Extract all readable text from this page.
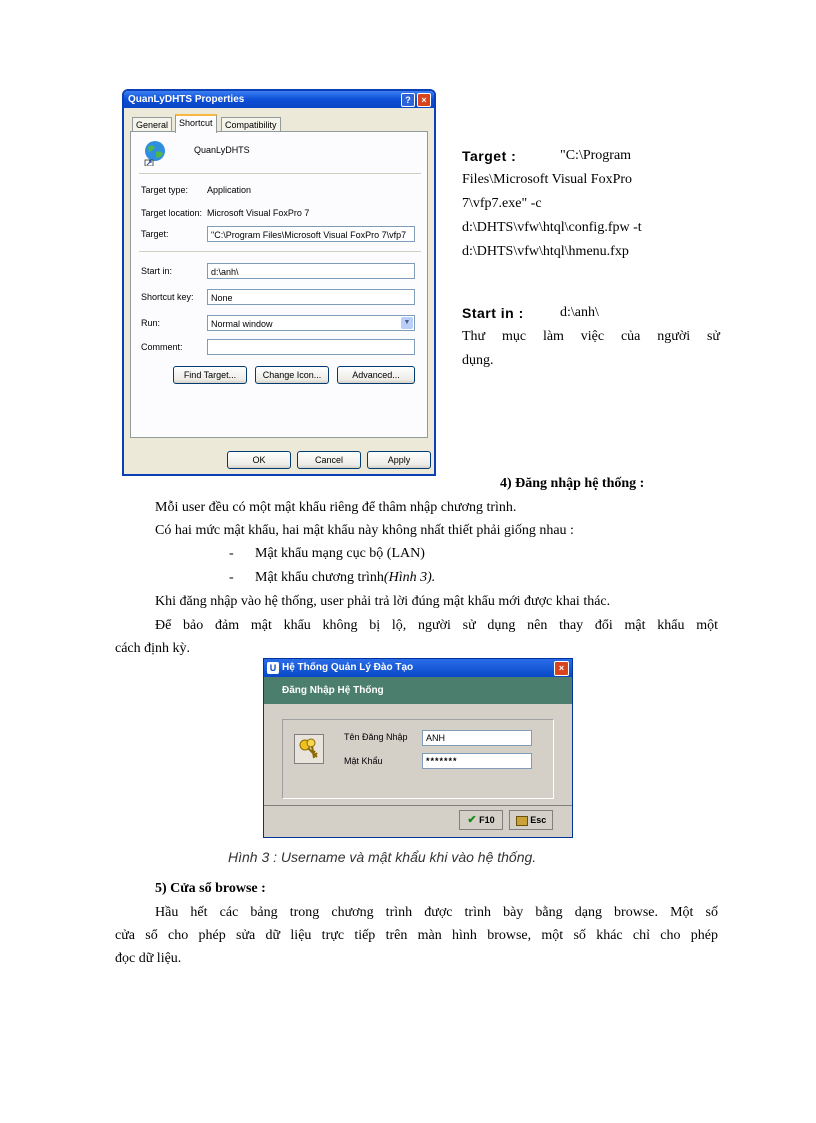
QuanLyDHTS Properties	?	×
General	Shortcut	Compatibility
QuanLyDHTS
Target type: Application
Target location: Microsoft Visual FoxPro 7
Target:	"C:\Program Files\Microsoft Visual FoxPro 7\vfp7
Start in:	d:\anh\
Shortcut key:	None
Run:	Normal window	▼
Comment:
Find Target...	Change Icon...	Advanced...
OK	Cancel	Apply
Target :	"C:\Program
Files\Microsoft Visual FoxPro
7\vfp7.exe" -c
d:\DHTS\vfw\htql\config.fpw -t
d:\DHTS\vfw\htql\hmenu.fxp
Start in :	d:\anh\
Thư mục làm việc của người sử
dụng.
4) Đăng nhập hệ thống :
Mỗi user đều có một mật khẩu riêng để thâm nhập chương trình.
Có hai mức mật khẩu, hai mật khẩu này không nhất thiết phải giống nhau :
- Mật khẩu mạng cục bộ (LAN)
- Mật khẩu chương trình(Hình 3).
Khi đăng nhập vào hệ thống, user phải trả lời đúng mật khẩu mới được khai thác.
Để bảo đảm mật khẩu không bị lộ, người sử dụng nên thay đổi mật khẩu một
cách định kỳ.
U Hệ Thống Quản Lý Đào Tạo	×
Đăng Nhập Hệ Thống
Tên Đăng Nhập	ANH
Mật Khẩu	*******
✔ F10	Esc
Hình 3 : Username và mật khẩu khi vào hệ thống.
5) Cửa sổ browse :
Hầu hết các bảng trong chương trình được trình bày bằng dạng browse. Một số
cửa sổ cho phép sửa dữ liệu trực tiếp trên màn hình browse, một số khác chỉ cho phép
đọc dữ liệu.
